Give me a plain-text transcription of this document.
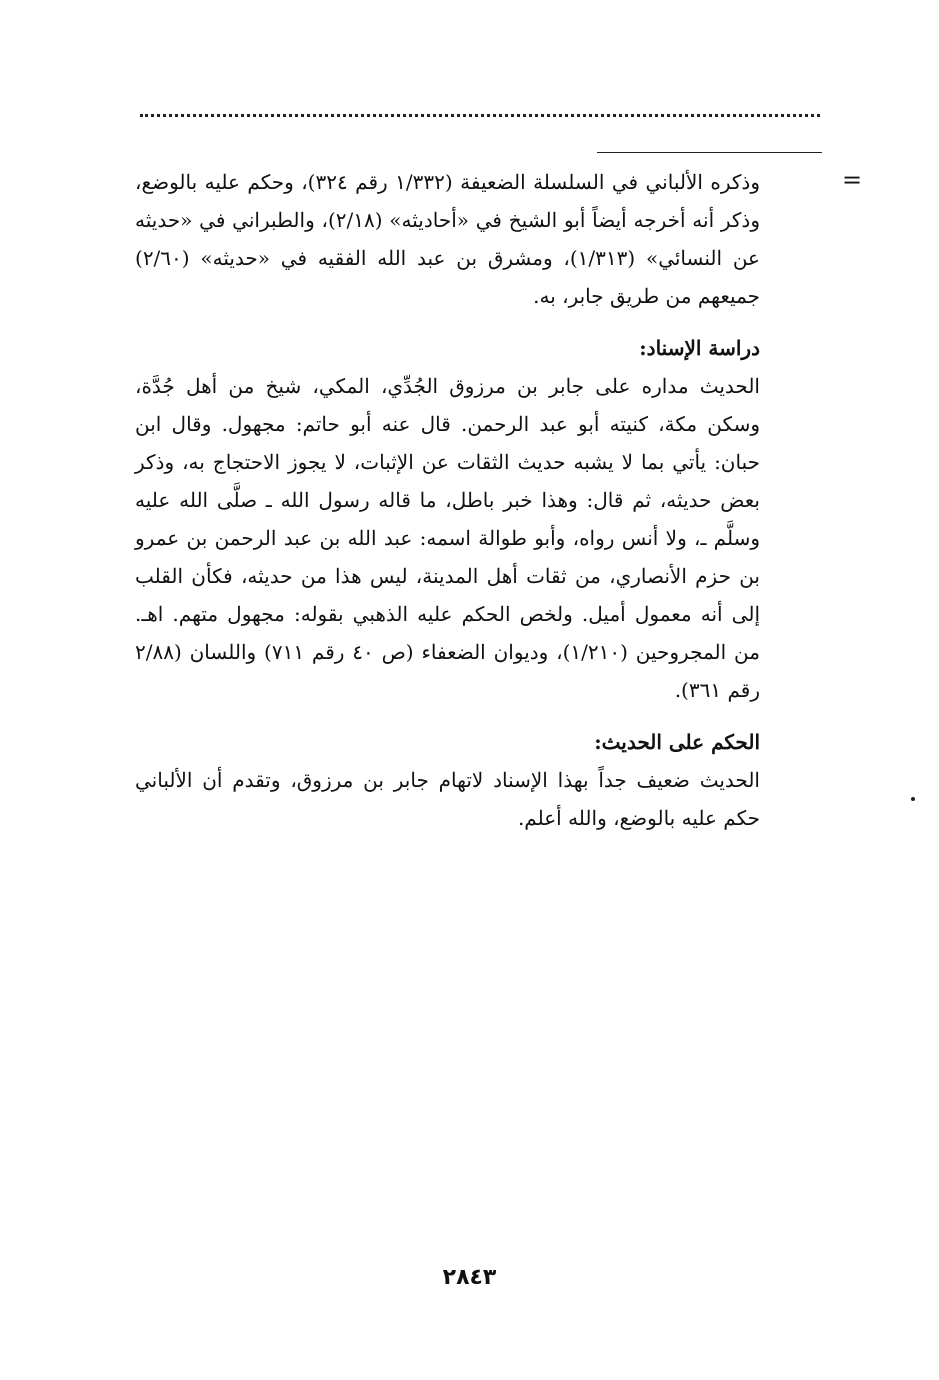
=

وذكره الألباني في السلسلة الضعيفة (١/٣٣٢ رقم ٣٢٤)، وحكم عليه بالوضع، وذكر أنه أخرجه أيضاً أبو الشيخ في «أحاديثه» (٢/١٨)، والطبراني في «حديثه عن النسائي» (١/٣١٣)، ومشرق بن عبد الله الفقيه في «حديثه» (٢/٦٠) جميعهم من طريق جابر، به.

دراسة الإسناد:

الحديث مداره على جابر بن مرزوق الجُدِّي، المكي، شيخ من أهل جُدَّة، وسكن مكة، كنيته أبو عبد الرحمن. قال عنه أبو حاتم: مجهول. وقال ابن حبان: يأتي بما لا يشبه حديث الثقات عن الإثبات، لا يجوز الاحتجاج به، وذكر بعض حديثه، ثم قال: وهذا خبر باطل، ما قاله رسول الله ـ صلَّى الله عليه وسلَّم ـ، ولا أنس رواه، وأبو طوالة اسمه: عبد الله بن عبد الرحمن بن عمرو بن حزم الأنصاري، من ثقات أهل المدينة، ليس هذا من حديثه، فكأن القلب إلى أنه معمول أميل. ولخص الحكم عليه الذهبي بقوله: مجهول متهم. اهـ. من المجروحين (١/٢١٠)، وديوان الضعفاء (ص ٤٠ رقم ٧١١) واللسان (٢/٨٨ رقم ٣٦١).

الحكم على الحديث:

الحديث ضعيف جداً بهذا الإسناد لاتهام جابر بن مرزوق، وتقدم أن الألباني حكم عليه بالوضع، والله أعلم.

٢٨٤٣
